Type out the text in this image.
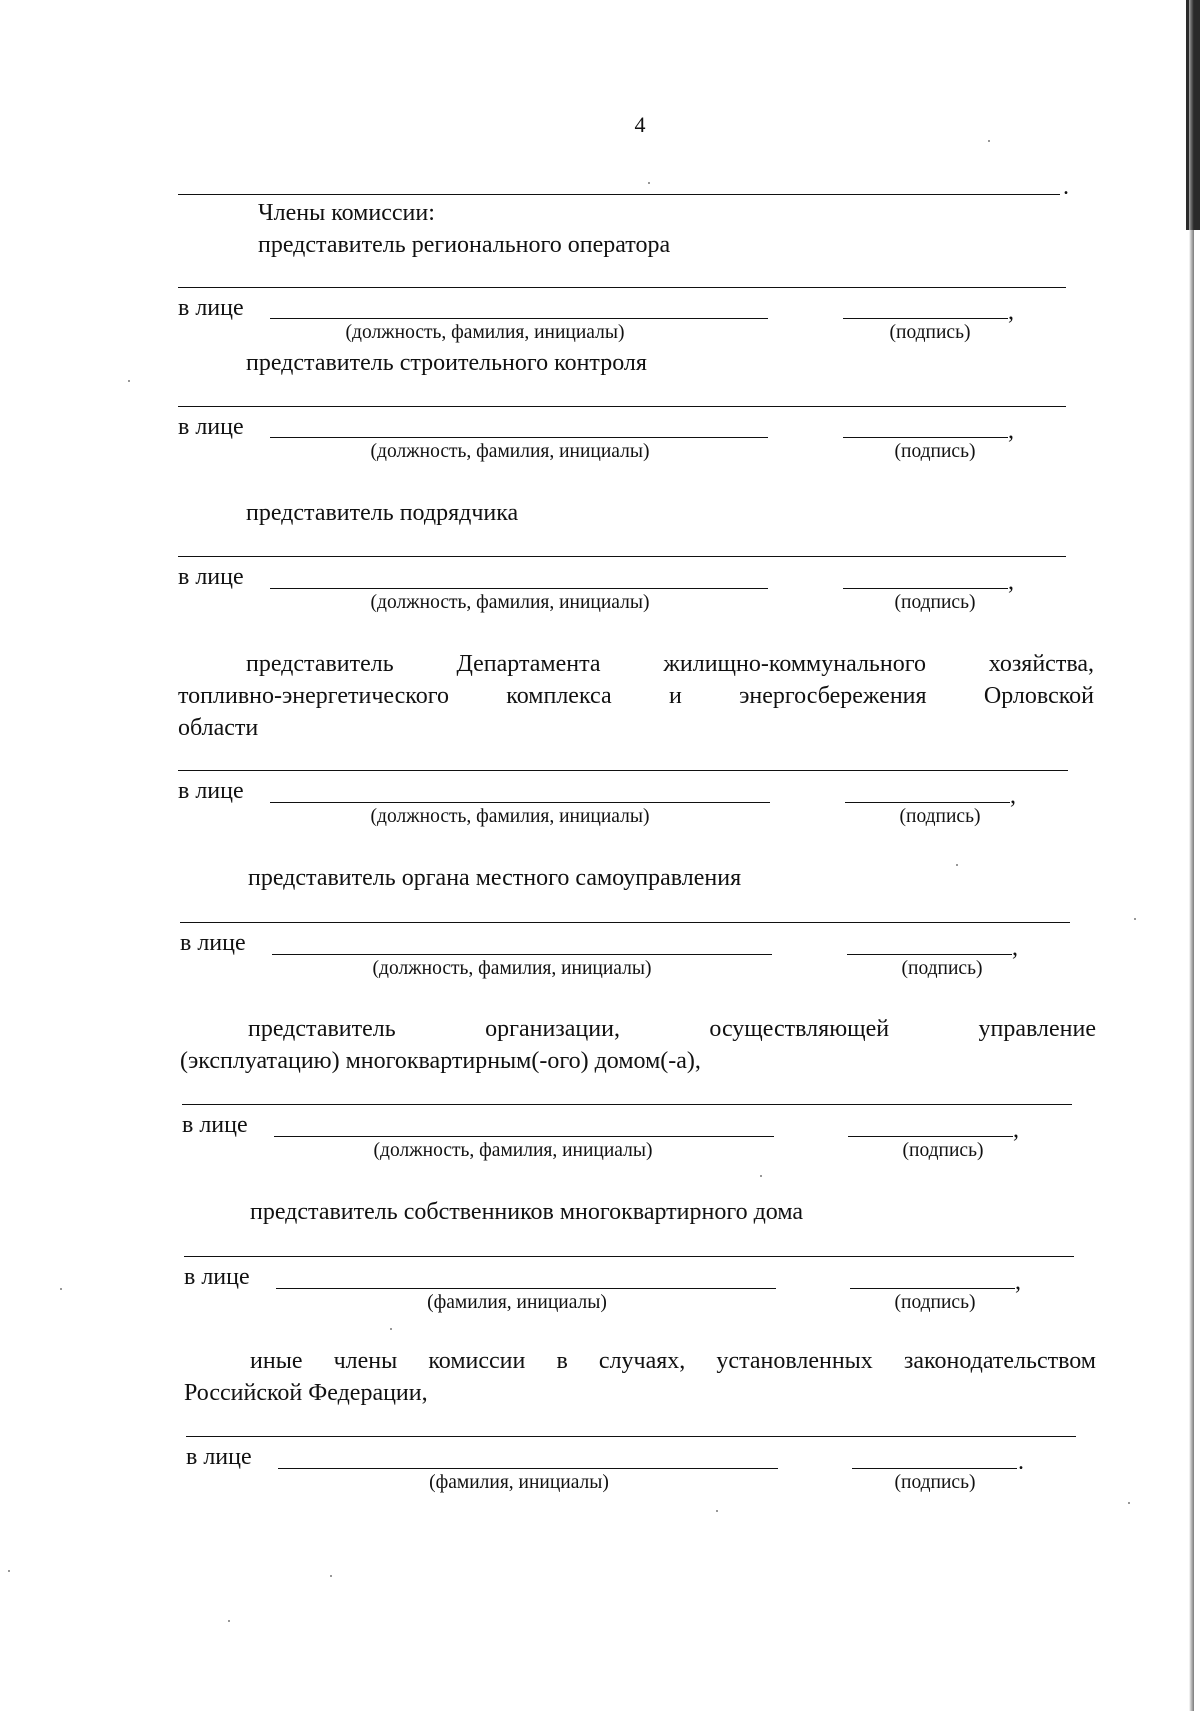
4
.
Члены комиссии:
представитель регионального оператора
в лице	,
(должность, фамилия, инициалы)	(подпись)
представитель строительного контроля
в лице	,
(должность, фамилия, инициалы)	(подпись)
представитель подрядчика
в лице	,
(должность, фамилия, инициалы)	(подпись)
представитель Департамента жилищно-коммунального хозяйства,
топливно-энергетического комплекса и энергосбережения Орловской
области
в лице	,
(должность, фамилия, инициалы)	(подпись)
представитель органа местного самоуправления
в лице	,
(должность, фамилия, инициалы)	(подпись)
представитель организации, осуществляющей управление
(эксплуатацию) многоквартирным(-ого) домом(-а),
в лице	,
(должность, фамилия, инициалы)	(подпись)
представитель собственников многоквартирного дома
в лице	,
(фамилия, инициалы)	(подпись)
иные члены комиссии в случаях, установленных законодательством
Российской Федерации,
в лице	.
(фамилия, инициалы)	(подпись)
